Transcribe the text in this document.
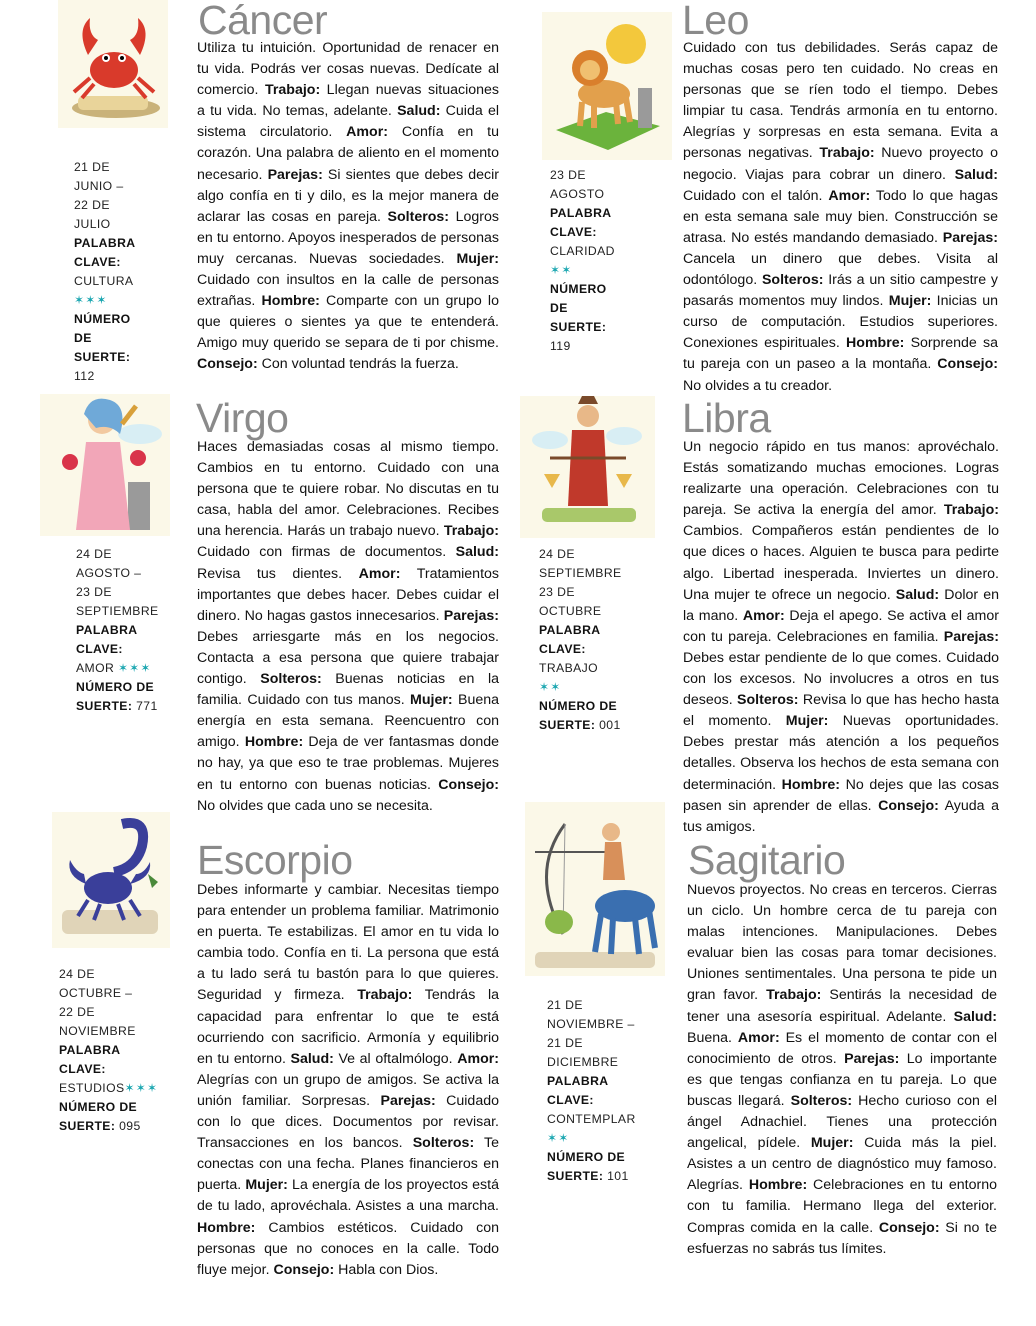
21 DE JUNIO –
22 DE JULIO
PALABRA CLAVE:
CULTURA ✶✶✶
NÚMERO DE
SUERTE: 112
Cáncer
Utiliza tu intuición. Oportunidad de renacer en tu vida. Podrás ver cosas nuevas. Dedícate al comercio. Trabajo: Llegan nuevas situaciones a tu vida. No temas, adelante. Salud: Cuida el sistema circulatorio. Amor: Confía en tu corazón. Una palabra de aliento en el momento necesario. Parejas: Si sientes que debes decir algo confía en ti y dilo, es la mejor manera de aclarar las cosas en pareja. Solteros: Logros en tu entorno. Apoyos inesperados de personas muy cercanas. Nuevas sociedades. Mujer: Cuidado con insultos en la calle de personas extrañas. Hombre: Comparte con un grupo lo que quieres o sientes ya que te entenderá. Amigo muy querido se separa de ti por chisme. Consejo: Con voluntad tendrás la fuerza.
23 DE AGOSTO
PALABRA CLAVE:
CLARIDAD ✶✶
NÚMERO DE
SUERTE: 119
Leo
Cuidado con tus debilidades. Serás capaz de muchas cosas pero ten cuidado. No creas en personas que se ríen todo el tiempo. Debes limpiar tu casa. Tendrás armonía en tu entorno. Alegrías y sorpresas en esta semana. Evita a personas negativas. Trabajo: Nuevo proyecto o negocio. Viajas para cobrar un dinero. Salud: Cuidado con el talón. Amor: Todo lo que hagas en esta semana sale muy bien. Construcción se atrasa. No estés mandando demasiado. Parejas: Cancela un dinero que debes. Visita al odontólogo. Solteros: Irás a un sitio campestre y pasarás momentos muy lindos. Mujer: Inicias un curso de computación. Estudios superiores. Conexiones espirituales. Hombre: Sorprende sa tu pareja con un paseo a la montaña. Consejo: No olvides a tu creador.
24 DE AGOSTO –
23 DE SEPTIEMBRE
PALABRA CLAVE:
AMOR ✶✶✶
NÚMERO DE
SUERTE: 771
Virgo
Haces demasiadas cosas al mismo tiempo. Cambios en tu entorno. Cuidado con una persona que te quiere robar. No discutas en tu casa, habla del amor. Celebraciones. Recibes una herencia. Harás un trabajo nuevo. Trabajo: Cuidado con firmas de documentos. Salud: Revisa tus dientes. Amor: Tratamientos importantes que debes hacer. Debes cuidar el dinero. No hagas gastos innecesarios. Parejas: Debes arriesgarte más en los negocios. Contacta a esa persona que quiere trabajar contigo. Solteros: Buenas noticias en la familia. Cuidado con tus manos. Mujer: Buena energía en esta semana. Reencuentro con amigo. Hombre: Deja de ver fantasmas donde no hay, ya que eso te trae problemas. Mujeres en tu entorno con buenas noticias. Consejo: No olvides que cada uno se necesita.
24 DE SEPTIEMBRE
23 DE OCTUBRE
PALABRA CLAVE:
TRABAJO ✶✶
NÚMERO DE
SUERTE: 001
Libra
Un negocio rápido en tus manos: aprovéchalo. Estás somatizando muchas emociones. Logras realizarte una operación. Celebraciones con tu pareja. Se activa la energía del amor. Trabajo: Cambios. Compañeros están pendientes de lo que dices o haces. Alguien te busca para pedirte algo. Libertad inesperada. Inviertes un dinero. Una mujer te ofrece un negocio. Salud: Dolor en la mano. Amor: Deja el apego. Se activa el amor con tu pareja. Celebraciones en familia. Parejas: Debes estar pendiente de lo que comes. Cuidado con los excesos. No involucres a otros en tus deseos. Solteros: Revisa lo que has hecho hasta el momento. Mujer: Nuevas oportunidades. Debes prestar más atención a los pequeños detalles. Observa los hechos de esta semana con determinación. Hombre: No dejes que las cosas pasen sin aprender de ellas. Consejo: Ayuda a tus amigos.
24 DE OCTUBRE –
22 DE NOVIEMBRE
PALABRA CLAVE:
ESTUDIOS✶✶✶
NÚMERO DE
SUERTE: 095
Escorpio
Debes informarte y cambiar. Necesitas tiempo para entender un problema familiar. Matrimonio en puerta. Te estabilizas. El amor en tu vida lo cambia todo. Confía en ti. La persona que está a tu lado será tu bastón para lo que quieres. Seguridad y firmeza. Trabajo: Tendrás la capacidad para enfrentar lo que te está ocurriendo con sacrificio. Armonía y equilibrio en tu entorno. Salud: Ve al oftalmólogo. Amor: Alegrías con un grupo de amigos. Se activa la unión familiar. Sorpresas. Parejas: Cuidado con lo que dices. Documentos por revisar. Transacciones en los bancos. Solteros: Te conectas con una fecha. Planes financieros en puerta. Mujer: La energía de los proyectos está de tu lado, aprovéchala. Asistes a una marcha. Hombre: Cambios estéticos. Cuidado con personas que no conoces en la calle. Todo fluye mejor. Consejo: Habla con Dios.
21 DE NOVIEMBRE –
21 DE DICIEMBRE
PALABRA CLAVE:
CONTEMPLAR ✶✶
NÚMERO DE
SUERTE: 101
Sagitario
Nuevos proyectos. No creas en terceros. Cierras un ciclo. Un hombre cerca de tu pareja con malas intenciones. Manipulaciones. Debes evaluar bien las cosas para tomar decisiones. Uniones sentimentales. Una persona te pide un gran favor. Trabajo: Sentirás la necesidad de tener una asesoría espiritual. Adelante. Salud: Buena. Amor: Es el momento de contar con el conocimiento de otros. Parejas: Lo importante es que tengas confianza en tu pareja. Lo que buscas llegará. Solteros: Hecho curioso con el ángel Adnachiel. Tienes una protección angelical, pídele. Mujer: Cuida más la piel. Asistes a un centro de diagnóstico muy famoso. Alegrías. Hombre: Celebraciones en tu entorno con tu familia. Hermano llega del exterior. Compras comida en la calle. Consejo: Si no te esfuerzas no sabrás tus límites.
